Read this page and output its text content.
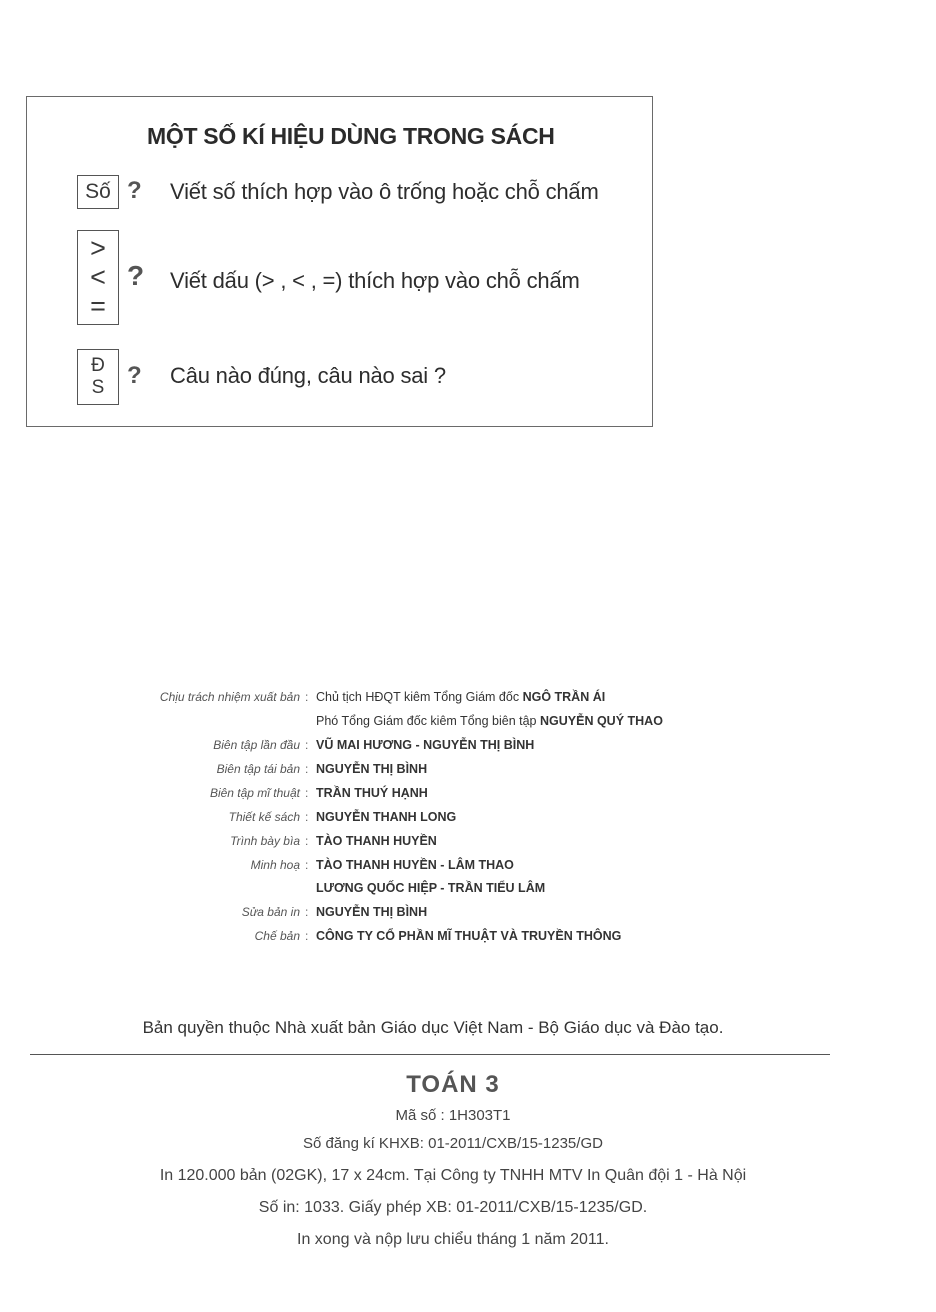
MỘT SỐ KÍ HIỆU DÙNG TRONG SÁCH
Số ? Viết số thích hợp vào ô trống hoặc chỗ chấm
>
<
=
? Viết dấu (> , < , =) thích hợp vào chỗ chấm
Đ
S ? Câu nào đúng, câu nào sai ?
Chịu trách nhiệm xuất bản : Chủ tịch HĐQT kiêm Tổng Giám đốc NGÔ TRẦN ÁI
Phó Tổng Giám đốc kiêm Tổng biên tập NGUYỄN QUÝ THAO
Biên tập lần đầu : VŨ MAI HƯƠNG - NGUYỄN THỊ BÌNH
Biên tập tái bản : NGUYỄN THỊ BÌNH
Biên tập mĩ thuật : TRẦN THUÝ HẠNH
Thiết kế sách : NGUYỄN THANH LONG
Trình bày bìa : TÀO THANH HUYỀN
Minh hoạ : TÀO THANH HUYỀN - LÂM THAO
LƯƠNG QUỐC HIỆP - TRẦN TIỂU LÂM
Sửa bản in : NGUYỄN THỊ BÌNH
Chế bản : CÔNG TY CỔ PHẦN MĨ THUẬT VÀ TRUYỀN THÔNG
Bản quyền thuộc Nhà xuất bản Giáo dục Việt Nam - Bộ Giáo dục và Đào tạo.
TOÁN 3
Mã số : 1H303T1
Số đăng kí KHXB: 01-2011/CXB/15-1235/GD
In 120.000 bản (02GK), 17 x 24cm. Tại Công ty TNHH MTV In Quân đội 1 - Hà Nội
Số in: 1033. Giấy phép XB: 01-2011/CXB/15-1235/GD.
In xong và nộp lưu chiểu tháng 1 năm 2011.
